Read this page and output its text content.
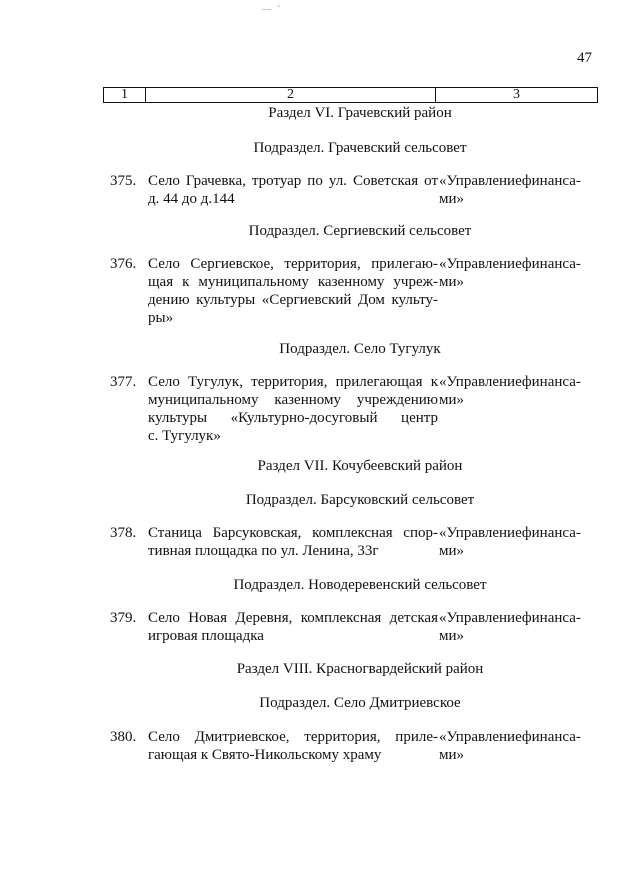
— ˘
47
1	2	3
Раздел VI. Грачевский район
Подраздел. Грачевский сельсовет
375. Село Грачевка, тротуар по ул. Советская от
д. 44 до д.144
«Управлениефинанса-
ми»
Подраздел. Сергиевский сельсовет
376. Село Сергиевское, территория, прилегаю-
щая к муниципальному казенному учреж-
дению культуры «Сергиевский Дом культу-
ры»
«Управлениефинанса-
ми»
Подраздел. Село Тугулук
377. Село Тугулук, территория, прилегающая к
муниципальному казенному учреждению
культуры «Культурно-досуговый центр
с. Тугулук»
«Управлениефинанса-
ми»
Раздел VII. Кочубеевский район
Подраздел. Барсуковский сельсовет
378. Станица Барсуковская, комплексная спор-
тивная площадка по ул. Ленина, 33г
«Управлениефинанса-
ми»
Подраздел. Новодеревенский сельсовет
379. Село Новая Деревня, комплексная детская
игровая площадка
«Управлениефинанса-
ми»
Раздел VIII. Красногвардейский район
Подраздел. Село Дмитриевское
380. Село Дмитриевское, территория, приле-
гающая к Свято-Никольскому храму
«Управлениефинанса-
ми»
